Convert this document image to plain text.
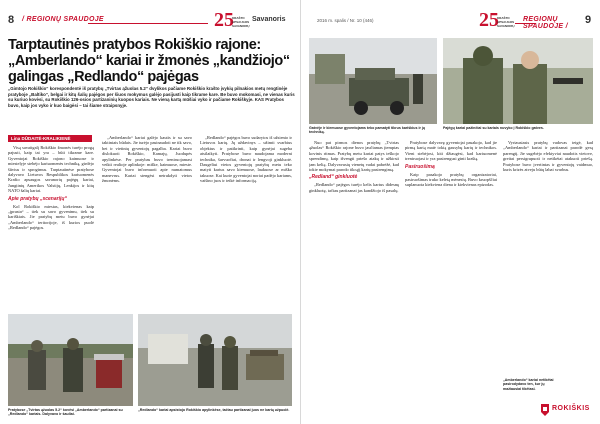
8 / REGIONŲ SPAUDOJE	25
KRAŠTO
APSAUGOS
SAVANORIŲ
Savanoris
Tarptautinės pratybos Rokiškio rajone:
„Amberlando“ kariai ir žmonės „kandžiojo“
galingas „Redlando“ pajėgas
„Gimtojo Rokiškio“ korespondentė iš pratybų „Tvirtas ąžuolas 5.2“ dvylikos pačiame Rokiškio krašto įvykių pilnakios metų rengtinėje pratyboje „Baltiko“, belgai ir kitų šalių pajėgos per šiuos mokymus galėjo pasijusti kaip tikrame kare. Be buvo mokomasi, ne vienas kuris su kuriuo kovėsi, su Rokiškio 126-osios partizaninių kuopos kariais. Ne vieną kartą mūšiai vyko ir pačiame Rokiškyje. KAS Pratybos buvo, kaip jos vyko ir kuo baigėsi – tai šiame straipsnyje.
Lina DŪDAITĖ-KRALIKIENĖ

Visą savaitgalį Rokiškio žmonės turėjo progą pajusti, kaip tai yra – būti tikrame kare. Gyventojai Rokiškio rajono kaimuose ir miestelyje stebėjo kariuomenės techniką, girdėjo šūvius ir sprogimus. Tarptautinėse pratybose dalyvavo Lietuvos Respublikos kariuomenės Krašto apsaugos savanorių pajėgų kariai, Jungtinių Amerikos Valstijų, Lenkijos ir kitų NATO šalių kariai.

Apie pratybų „scenarijų“

Kol Rokiškio miestas, kiekvienas kaip „įprasta“ – tiek su savo gyvenimu, tiek su kariškiais. Jie pratybų metu buvo gynėjai „Amberlando“ teritorijoje, iš kurios puolė „Redlando“ pajėgos.

„Amberlando“ kariai galėjo kautis ir su savo taktiniais būdais. Jie turėjo pasinaudoti ne tik savo, bet ir vietinių gyventojų pagalba. Kariai buvo dislokuoti Rokiškio, Kamajų, Juodupės apylinkėse. Per pratybas buvo treniruojamasi veikti realioje aplinkoje: miške, kaimuose, mieste. Gyventojai buvo informuoti apie numatomus manevrus. Kariai stengėsi netrukdyti vietos žmonėms.

„Redlando“ pajėgos buvo sudarytos iš užsienio ir Lietuvos karių. Jų uždavinys – užimti svarbius objektus ir patikrinti, kaip gynėjai sugeba atsilaikyti. Pratybose buvo naudojama moderni technika, šarvuočiai, dronai ir lengvoji ginkluotė. Daugeliui vietos gyventojų pratybų metu teko matyti karius savo kiemuose, laukuose ar miško takuose. Kai kurie gyventojai noriai padėjo kariams, vaišino juos ir teikė informaciją.

Pratybose „Tvirtas ąžuolas 5.2“ kovėsi „Amberlando“ partizanai su „Redlando“ kariais. Dalyvavo ir šauliai.
„Redlando“ kariai apsistojo Rokiškio apylinkėse, tačiau partizanai juos ne kartą užpuolė.
2016 m. spalis / Nr. 10 (446)	25
KRAŠTO
APSAUGOS
SAVANORIŲ
REGIONŲ SPAUDOJE /
9
Gatvėje ir kiemuose gyventojams teko pamatyti tikrus kariškius ir jų techniką.
Pajėgų kariai pažinčiai su kariais nuvyko į Rokiškio gatves.

Nuo pat pirmos dienos pratybų „Tvirtas ąžuolas“ Rokiškio rajone buvo jaučiamas įtemptas kovinis ritmas. Pratybų metu kariai patys ieškojo sprendimų, kaip išvengti priešo atakų ir užkirsti jam kelią. Dalyvavusių vienetų vadai pabrėžė, kad tokie mokymai parodo tikrąjį karių pasirengimą.

„Redland“ ginkluotė

„Redlando“ pajėgos turėjo kelis kartus didesnę ginkluotę, tačiau partizanai jas kandžiojo iš pasalų.

Pratybose dalyvavę gyventojai pasakojo, kad jie pirmą kartą matė tokią gausybę karių ir technikos. Vieni stebėjosi, kiti džiaugėsi, kad kariuomenė treniruojasi ir yra pasirengusi ginti kraštą.

Pasiruošimą

Kaip pasakojo pratybų organizatoriai, pasiruošimas truko keletą mėnesių. Buvo kruopščiai suplanuota kiekviena diena ir kiekvienas epizodas.

Vyriausiasis pratybų vadovas teigė, kad „Amberlando“ kariai ir partizanai parodė gerą parengtį. Jie sugebėjo efektyviai naudotis vietove, greitai persigrupuoti ir netikėtai atakuoti priešą. Pratybose buvo įvertintas ir gyventojų vaidmuo, kuris krizės atveju būtų labai svarbus.

„Amberlando“ kariai netikėtai pasirodydavo ten, kur jų mažiausiai tikėtasi.
ROKIŠKIS
